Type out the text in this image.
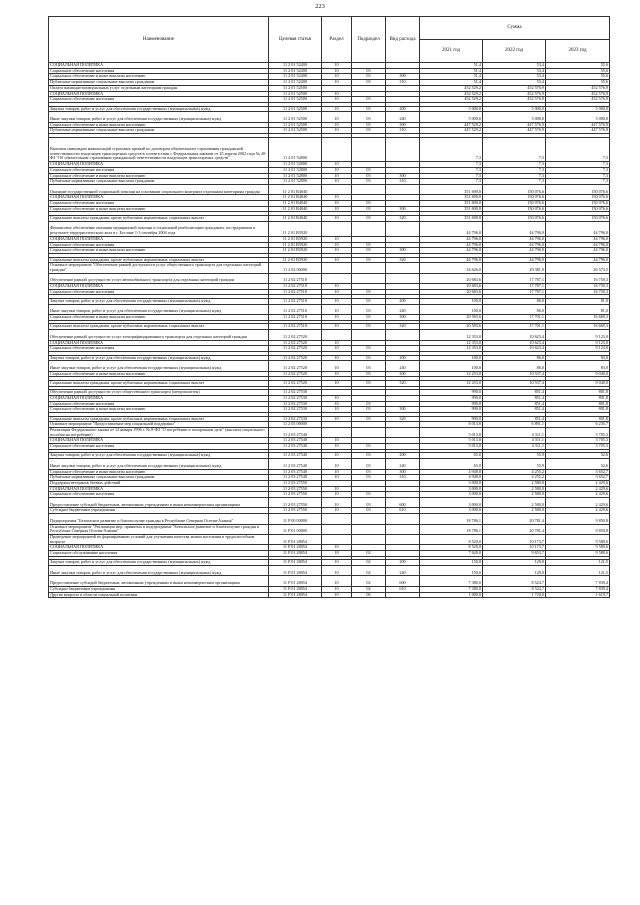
223
Наименование	Целевая статья	Раздел	Подраздел	Вид расхода	Сумма		
					2021 год	2022 год	2023 год
СОЦИАЛЬНАЯ ПОЛИТИКА	11 2 01 52400	10			51,4	53,4	55,6
Социальное обеспечение населения	11 2 01 52400	10	03		51,4	53,4	55,6
Социальное обеспечение и иные выплаты населению	11 2 01 52400	10	03	300	51,4	53,4	55,6
Публичные нормативные социальные выплаты гражданам	11 2 01 52400	10	03	310	51,4	53,4	55,6
Оплата жилищно-коммунальных услуг отдельным категориям граждан	11 2 01 52500				452 529,2	452 576,9	452 576,9
СОЦИАЛЬНАЯ ПОЛИТИКА	11 2 01 52500	10			452 529,2	452 576,9	452 576,9
Социальное обеспечение населения	11 2 01 52500	10	03		452 529,2	452 576,9	452 576,9

Закупка товаров, работ и услуг для обеспечения государственных (муниципальных) нужд	11 2 01 52500	10	03	200	5 000,0	5 000,0	5 000,0
Иные закупки товаров, работ и услуг для обеспечения государственных (муниципальных) нужд	11 2 01 52500	10	03	240	5 000,0	5 000,0	5 000,0
Социальное обеспечение и иные выплаты населению	11 2 01 52500	10	03	300	447 529,2	447 576,9	447 576,9
Публичные нормативные социальные выплаты гражданам	11 2 01 52500	10	03	310	447 529,2	447 576,9	447 576,9

Выплаты инвалидам компенсаций страховых премий по договорам обязательного страхования гражданской ответственности владельцев транспортных средств в соответствии с Федеральным законом от 25 апреля 2002 года № 40-ФЗ "Об обязательном страховании гражданской ответственности владельцев транспортных средств"	11 2 01 52800				7,3	7,3	7,3
СОЦИАЛЬНАЯ ПОЛИТИКА	11 2 01 52800	10			7,3	7,3	7,3
Социальное обеспечение населения	11 2 01 52800	10	03		7,3	7,3	7,3
Социальное обеспечение и иные выплаты населению	11 2 01 52800	10	03	300	7,3	7,3	7,3
Публичные нормативные социальные выплаты гражданам	11 2 01 52800	10	03	310	7,3	7,3	7,3
Оказание государственной социальной помощи на основании социального контракта отдельным категориям граждан	11 2 01 R4040				351 690,0	150 076,6	150 076,6
СОЦИАЛЬНАЯ ПОЛИТИКА	11 2 01 R4040	10			351 690,0	150 076,6	150 076,6
Социальное обеспечение населения	11 2 01 R4040	10	03		351 690,0	150 076,6	150 076,6
Социальное обеспечение и иные выплаты населению	11 2 01 R4040	10	03	300	351 690,0	150 076,6	150 076,6

Социальные выплаты гражданам, кроме публичных нормативных социальных выплат	11 2 01 R4040	10	03	320	351 690,0	150 076,6	150 076,6
Финансовое обеспечение оказания медицинской помощи и социальной реабилитации гражданам, пострадавшим в результате террористического акта в г. Беслане 1-3 сентября 2004 года	11 2 01 R5920				44 796,0	44 796,0	44 796,0
СОЦИАЛЬНАЯ ПОЛИТИКА	11 2 01 R5920	10			44 796,0	44 796,0	44 796,0
Социальное обеспечение населения	11 2 01 R5920	10	03		44 796,0	44 796,0	44 796,0
Социальное обеспечение и иные выплаты населению	11 2 01 R5920	10	03	300	44 796,0	44 796,0	44 796,0

Социальные выплаты гражданам, кроме публичных нормативных социальных выплат	11 2 01 R5920	10	03	320	44 796,0	44 796,0	44 796,0
Основное мероприятие "Обеспечение равной доступности услуг общественного транспорта для отдельных категорий граждан"	11 2 02 00000				34 626,0	29 381,9	26 573,5
Обеспечение равной доступности услуг автомобильного транспорта для отдельных категорий граждан	11 2 02 27510				20 683,6	17 787,1	16 750,3
СОЦИАЛЬНАЯ ПОЛИТИКА	11 2 02 27510	10			20 683,6	17 787,1	16 750,3
Социальное обеспечение населения	11 2 02 27510	10	03		20 683,6	17 787,1	16 750,3

Закупка товаров, работ и услуг для обеспечения государственных (муниципальных) нужд	11 2 02 27510	10	03	200	100,0	86,0	81,0
Иные закупки товаров, работ и услуг для обеспечения государственных (муниципальных) нужд	11 2 02 27510	10	03	240	100,0	86,0	81,0
Социальное обеспечение и иные выплаты населению	11 2 02 27510	10	03	300	20 583,6	17 701,1	16 669,3

Социальные выплаты гражданам, кроме публичных нормативных социальных выплат	11 2 02 27510	10	03	320	20 583,6	17 701,1	16 669,3
Обеспечение равной доступности услуг электрифицированного транспорта для отдельных категорий граждан	11 2 02 27520				12 353,0	10 623,4	9 123,0
СОЦИАЛЬНАЯ ПОЛИТИКА	11 2 02 27520	10			12 353,0	10 623,4	9 123,0
Социальное обеспечение населения	11 2 02 27520	10	03		12 353,0	10 623,4	9 123,0

Закупка товаров, работ и услуг для обеспечения государственных (муниципальных) нужд	11 2 02 27520	10	03	200	100,0	86,0	83,0
Иные закупки товаров, работ и услуг для обеспечения государственных (муниципальных) нужд	11 2 02 27520	10	03	240	100,0	86,0	83,0
Социальное обеспечение и иные выплаты населению	11 2 02 27520	10	03	300	12 253,0	10 537,4	9 040,0

Социальные выплаты гражданам, кроме публичных нормативных социальных выплат	11 2 02 27520	10	03	320	12 253,0	10 537,4	9 040,0

Обеспечение равной доступности услуг общественного транспорта (метрополитен)	11 2 02 27530				990,0	851,4	801,8
СОЦИАЛЬНАЯ ПОЛИТИКА	11 2 02 27530	10			990,0	851,4	801,8
Социальное обеспечение населения	11 2 02 27530	10	03		990,0	851,4	801,8
Социальное обеспечение и иные выплаты населению	11 2 02 27530	10	03	300	990,0	851,4	801,8

Социальные выплаты гражданам, кроме публичных нормативных социальных выплат	11 2 02 27530	10	03	320	990,0	851,4	801,8
Основное мероприятие "Предоставление мер социальной поддержки"	11 2 03 00000				8 013,0	6 891,1	6 235,7
Реализация Федерального закона от 12 января 1996 г. № 8-ФЗ "О погребении и похоронном деле" (выплата социального пособия на погребение)	11 2 03 27540				5 013,0	4 311,1	3 705,3
СОЦИАЛЬНАЯ ПОЛИТИКА	11 2 03 27540	10			5 013,0	4 311,1	3 705,3
Социальное обеспечение населения	11 2 03 27540	10	03		5 013,0	4 311,1	3 705,3

Закупка товаров, работ и услуг для обеспечения государственных (муниципальных) нужд	11 2 03 27540	10	03	200	65,0	55,9	52,6
Иные закупки товаров, работ и услуг для обеспечения государственных (муниципальных) нужд	11 2 03 27540	10	03	240	65,0	55,9	52,6
Социальное обеспечение и иные выплаты населению	11 2 03 27540	10	03	300	4 948,0	4 255,2	3 652,7
Публичные нормативные социальные выплаты гражданам	11 2 03 27540	10	03	310	4 948,0	4 255,2	3 652,7
Поддержка ветеранов боевых действий	11 2 03 27550				3 000,0	2 580,0	2 429,6
СОЦИАЛЬНАЯ ПОЛИТИКА	11 2 03 27550	10			3 000,0	2 580,0	2 429,6
Социальное обеспечение населения	11 2 03 27550	10	03		3 000,0	2 580,0	2 429,6
Предоставление субсидий бюджетным, автономным учреждениям и иным некоммерческим организациям	11 2 03 27550	10	03	600	3 000,0	2 580,0	2 429,6
Субсидии бюджетным учреждениям	11 2 03 27550	10	03	610	3 000,0	2 580,0	2 429,6
Подпрограмма "Безопасное развитие и благополучие граждан в Республике Северная Осетия-Алания"	11 P 00 00000				18 786,1	20 781,4	9 850,8
Основное мероприятие "Реализация мер, принятых в подпрограмме "Безопасное развитие и благополучие граждан в Республике Северная Осетия-Алания"	11 P 01 00000				18 786,1	20 781,4	9 850,8
Проведение мероприятий по формированию условий для улучшения качества жизни населения в трудоспособном возрасте	11 P 01 28054				8 520,0	10 173,7	9 580,6
СОЦИАЛЬНАЯ ПОЛИТИКА	11 P 01 28054	10			8 520,0	10 173,7	9 580,6
Социальное обслуживание населения	11 P 01 28054	10	02		7 620,0	9 653,7	9 580,6

Закупка товаров, работ и услуг для обеспечения государственных (муниципальных) нужд	11 P 01 28054	10	02	200	150,0	129,0	121,5
Иные закупки товаров, работ и услуг для обеспечения государственных (муниципальных) нужд	11 P 01 28054	10	02	240	150,0	129,0	121,5
Предоставление субсидий бюджетным, автономным учреждениям и иным некоммерческим организациям	11 P 01 28054	10	02	600	7 380,0	8 524,7	7 839,4
Субсидии бюджетным учреждениям	11 P 01 28054	10	02	610	7 380,0	8 524,7	7 839,4
Другие вопросы в области социальной политики	11 P 01 28054	10	06		1 000,0	1 720,0	1 619,7
